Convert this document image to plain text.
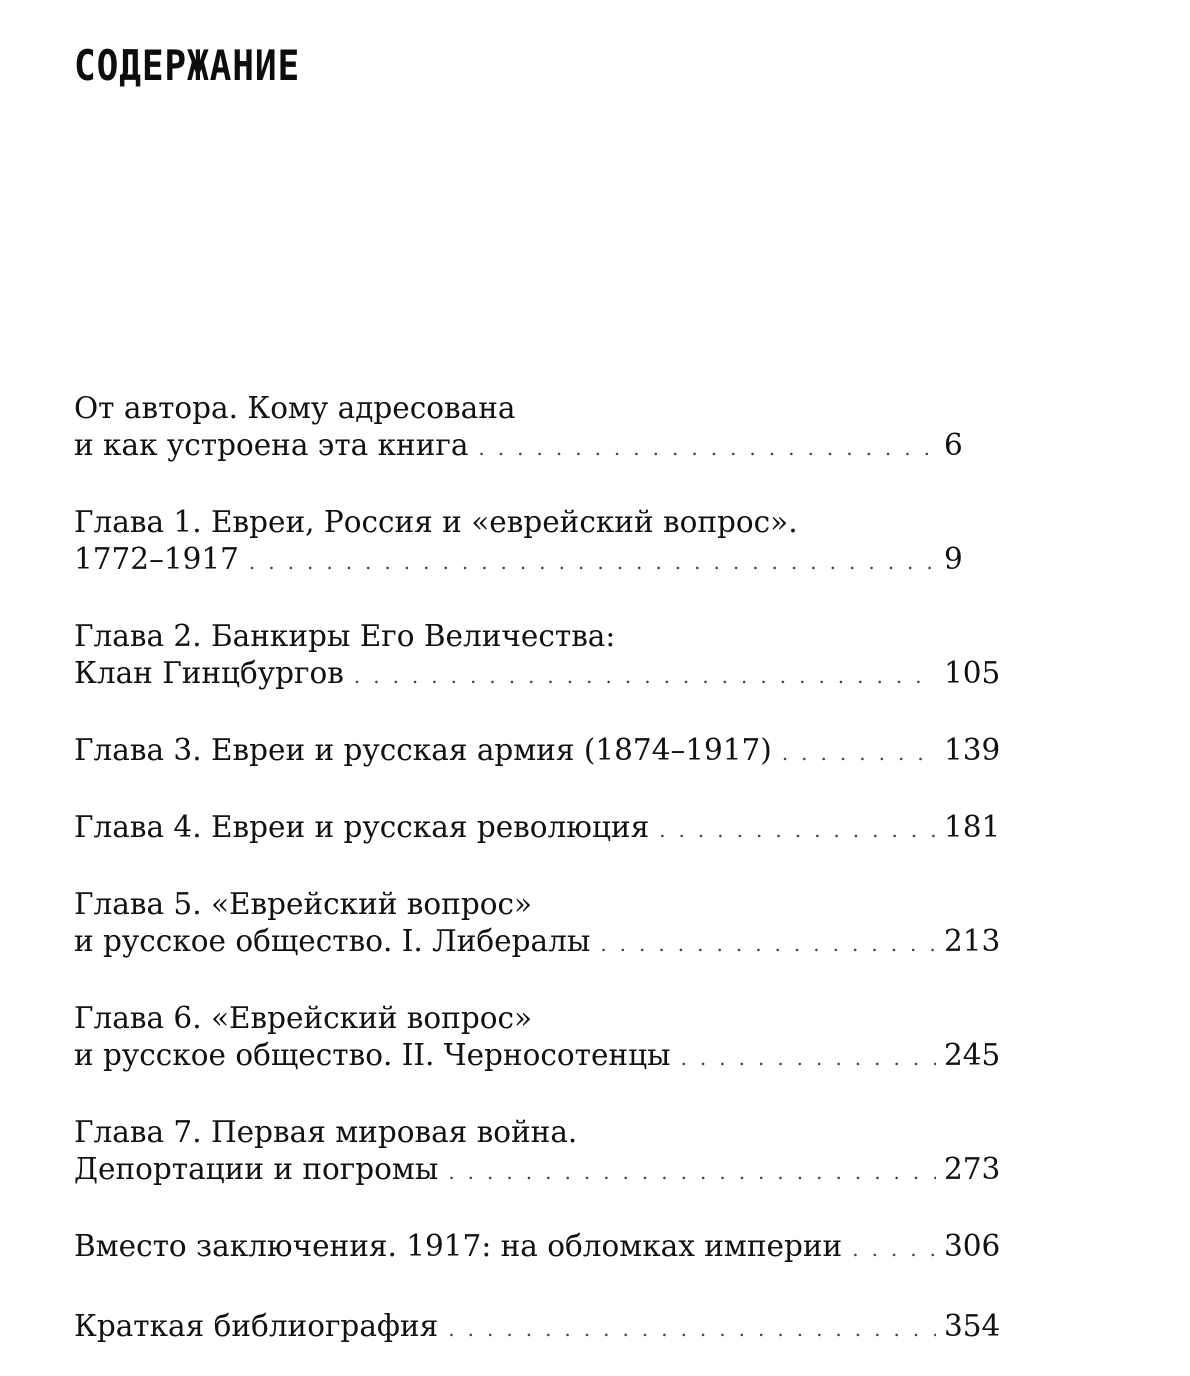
СОДЕРЖАНИЕ
От автора. Кому адресована
и как устроена эта книга .....	6
Глава 1. Евреи, Россия и «еврейский вопрос».
1772–1917 .....	9
Глава 2. Банкиры Его Величества:
Клан Гинцбургов .....	105
Глава 3. Евреи и русская армия (1874–1917) .....	139
Глава 4. Евреи и русская революция .....	181
Глава 5. «Еврейский вопрос»
и русское общество. I. Либералы .....	213
Глава 6. «Еврейский вопрос»
и русское общество. II. Черносотенцы .....	245
Глава 7. Первая мировая война.
Депортации и погромы .....	273
Вместо заключения. 1917: на обломках империи .....	306
Краткая библиография .....	354
